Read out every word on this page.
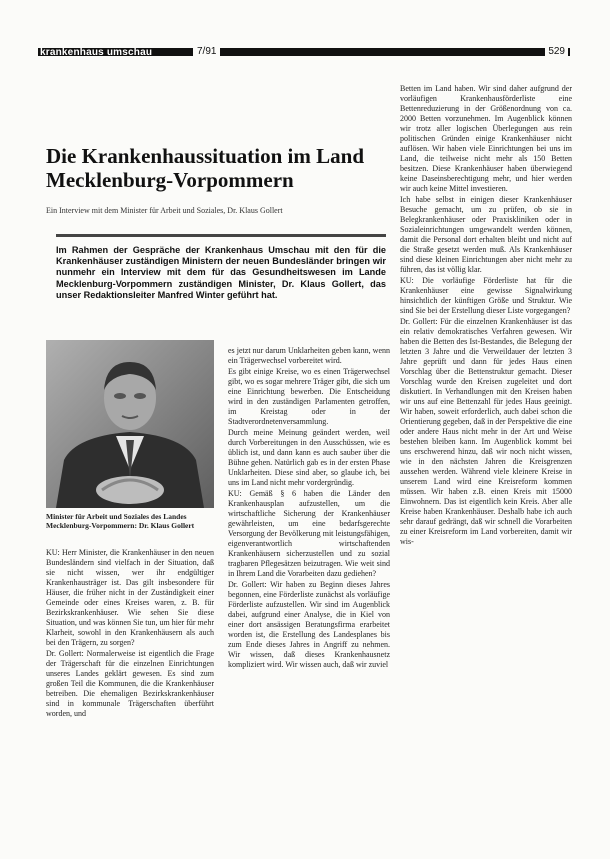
krankenhaus umschau	7/91	529
Die Krankenhaussituation im Land Mecklenburg-Vorpommern
Ein Interview mit dem Minister für Arbeit und Soziales, Dr. Klaus Gollert

Im Rahmen der Gespräche der Krankenhaus Umschau mit den für die Krankenhäuser zuständigen Ministern der neuen Bundesländer bringen wir nunmehr ein Interview mit dem für das Gesundheitswesen im Lande Mecklenburg-Vorpommern zuständigen Minister, Dr. Klaus Gollert, das unser Redaktionsleiter Manfred Winter geführt hat.

Minister für Arbeit und Soziales des Landes Mecklenburg-Vorpommern: Dr. Klaus Gollert

KU: Herr Minister, die Krankenhäuser in den neuen Bundesländern sind vielfach in der Situation, daß sie nicht wissen, wer ihr endgültiger Krankenhausträger ist. Das gilt insbesondere für Häuser, die früher nicht in der Zuständigkeit einer Gemeinde oder eines Kreises waren, z. B. für Bezirkskrankenhäuser. Wie sehen Sie diese Situation, und was können Sie tun, um hier für mehr Klarheit, sowohl in den Krankenhäusern als auch bei den Trägern, zu sorgen?

Dr. Gollert: Normalerweise ist eigentlich die Frage der Trägerschaft für die einzelnen Einrichtungen unseres Landes geklärt gewesen. Es sind zum großen Teil die Kommunen, die die Krankenhäuser betreiben. Die ehemaligen Bezirkskrankenhäuser sind in kommunale Trägerschaften überführt worden, und

es jetzt nur darum Unklarheiten geben kann, wenn ein Trägerwechsel vorbereitet wird.

Es gibt einige Kreise, wo es einen Trägerwechsel gibt, wo es sogar mehrere Träger gibt, die sich um eine Einrichtung bewerben. Die Entscheidung wird in den zuständigen Parlamenten getroffen, im Kreistag oder in der Stadtverordnetenversammlung.

Durch meine Meinung geändert werden, weil durch Vorbereitungen in den Ausschüssen, wie es üblich ist, und dann kann es auch sauber über die Bühne gehen. Natürlich gab es in der ersten Phase Unklarheiten. Diese sind aber, so glaube ich, bei uns im Land nicht mehr vordergründig.

KU: Gemäß § 6 haben die Länder den Krankenhausplan aufzustellen, um die wirtschaftliche Sicherung der Krankenhäuser gewährleisten, um eine bedarfsgerechte Versorgung der Bevölkerung mit leistungsfähigen, eigenverantwortlich wirtschaftenden Krankenhäusern sicherzustellen und zu sozial tragbaren Pflegesätzen beizutragen. Wie weit sind in Ihrem Land die Vorarbeiten dazu gediehen?

Dr. Gollert: Wir haben zu Beginn dieses Jahres begonnen, eine Förderliste zunächst als vorläufige Förderliste aufzustellen. Wir sind im Augenblick dabei, aufgrund einer Analyse, die in Kiel von einer dort ansässigen Beratungsfirma erarbeitet worden ist, die Erstellung des Landesplanes bis zum Ende dieses Jahres in Angriff zu nehmen. Wir wissen, daß dieses Krankenhausnetz kompliziert wird. Wir wissen auch, daß wir zuviel

Betten im Land haben. Wir sind daher aufgrund der vorläufigen Krankenhausförderliste eine Bettenreduzierung in der Größenordnung von ca. 2000 Betten vorzunehmen. Im Augenblick können wir trotz aller logischen Überlegungen aus rein politischen Gründen einige Krankenhäuser nicht auflösen. Wir haben viele Einrichtungen bei uns im Land, die teilweise nicht mehr als 150 Betten besitzen. Diese Krankenhäuser haben überwiegend keine Daseinsberechtigung mehr, und hier werden wir auch keine Mittel investieren.

Ich habe selbst in einigen dieser Krankenhäuser Besuche gemacht, um zu prüfen, ob sie in Belegkrankenhäuser oder Praxiskliniken oder in Sozialeinrichtungen umgewandelt werden können, damit die Personal dort erhalten bleibt und nicht auf die Straße gesetzt werden muß. Als Krankenhäuser sind diese kleinen Einrichtungen aber nicht mehr zu führen, das ist völlig klar.

KU: Die vorläufige Förderliste hat für die Krankenhäuser eine gewisse Signalwirkung hinsichtlich der künftigen Größe und Struktur. Wie sind Sie bei der Erstellung dieser Liste vorgegangen?

Dr. Gollert: Für die einzelnen Krankenhäuser ist das ein relativ demokratisches Verfahren gewesen. Wir haben die Betten des Ist-Bestandes, die Belegung der letzten 3 Jahre und die Verweildauer der letzten 3 Jahre geprüft und dann für jedes Haus einen Vorschlag über die Bettenstruktur gemacht. Dieser Vorschlag wurde den Kreisen zugeleitet und dort diskutiert. In Verhandlungen mit den Kreisen haben wir uns auf eine Bettenzahl für jedes Haus geeinigt. Wir haben, soweit erforderlich, auch dabei schon die Orientierung gegeben, daß in der Perspektive die eine oder andere Haus nicht mehr in der Art und Weise bestehen bleiben kann. Im Augenblick kommt bei uns erschwerend hinzu, daß wir noch nicht wissen, wie in den nächsten Jahren die Kreisgrenzen aussehen werden. Während viele kleinere Kreise in unserem Land wird eine Kreisreform kommen müssen. Wir haben z.B. einen Kreis mit 15000 Einwohnern. Das ist eigentlich kein Kreis. Aber alle Kreise haben Krankenhäuser. Deshalb habe ich auch sehr darauf gedrängt, daß wir schnell die Vorarbeiten zu einer Kreisreform im Land vorbereiten, damit wir wis-
